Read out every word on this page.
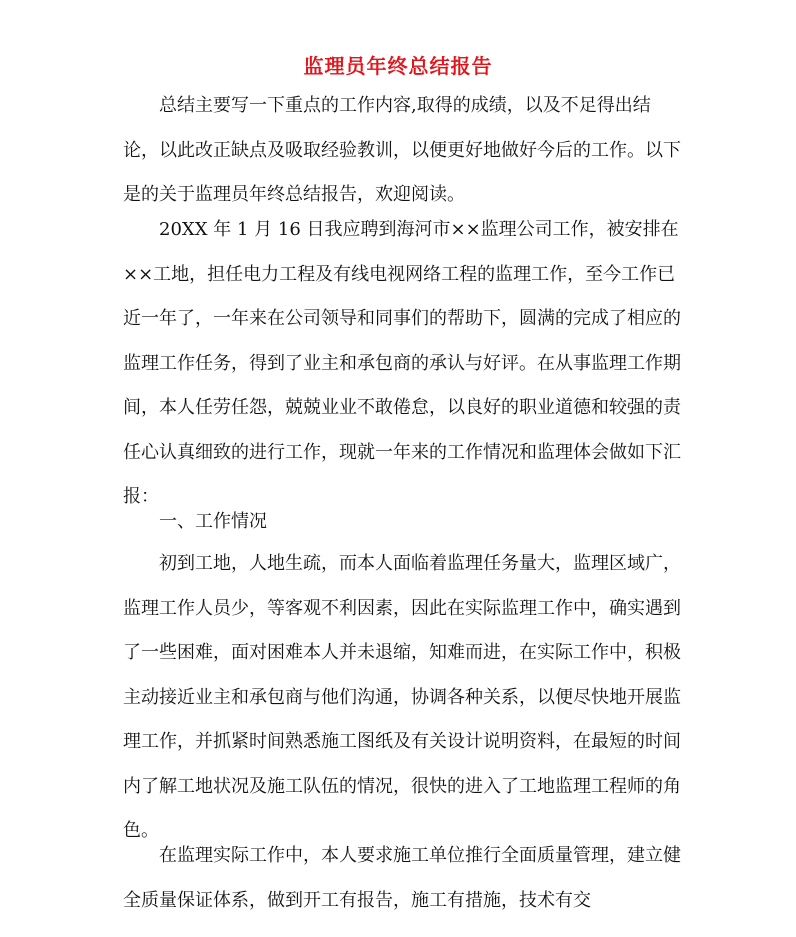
监理员年终总结报告

总结主要写一下重点的工作内容,取得的成绩，以及不足得出结论，以此改正缺点及吸取经验教训，以便更好地做好今后的工作。以下是的关于监理员年终总结报告，欢迎阅读。

20XX 年 1 月 16 日我应聘到海河市××监理公司工作，被安排在××工地，担任电力工程及有线电视网络工程的监理工作，至今工作已近一年了，一年来在公司领导和同事们的帮助下，圆满的完成了相应的监理工作任务，得到了业主和承包商的承认与好评。在从事监理工作期间，本人任劳任怨，兢兢业业不敢倦怠，以良好的职业道德和较强的责任心认真细致的进行工作，现就一年来的工作情况和监理体会做如下汇报：

一、工作情况

初到工地，人地生疏，而本人面临着监理任务量大，监理区域广，监理工作人员少，等客观不利因素，因此在实际监理工作中，确实遇到了一些困难，面对困难本人并未退缩，知难而进，在实际工作中，积极主动接近业主和承包商与他们沟通，协调各种关系，以便尽快地开展监理工作，并抓紧时间熟悉施工图纸及有关设计说明资料，在最短的时间内了解工地状况及施工队伍的情况，很快的进入了工地监理工程师的角色。

在监理实际工作中，本人要求施工单位推行全面质量管理，建立健全质量保证体系，做到开工有报告，施工有措施，技术有交
